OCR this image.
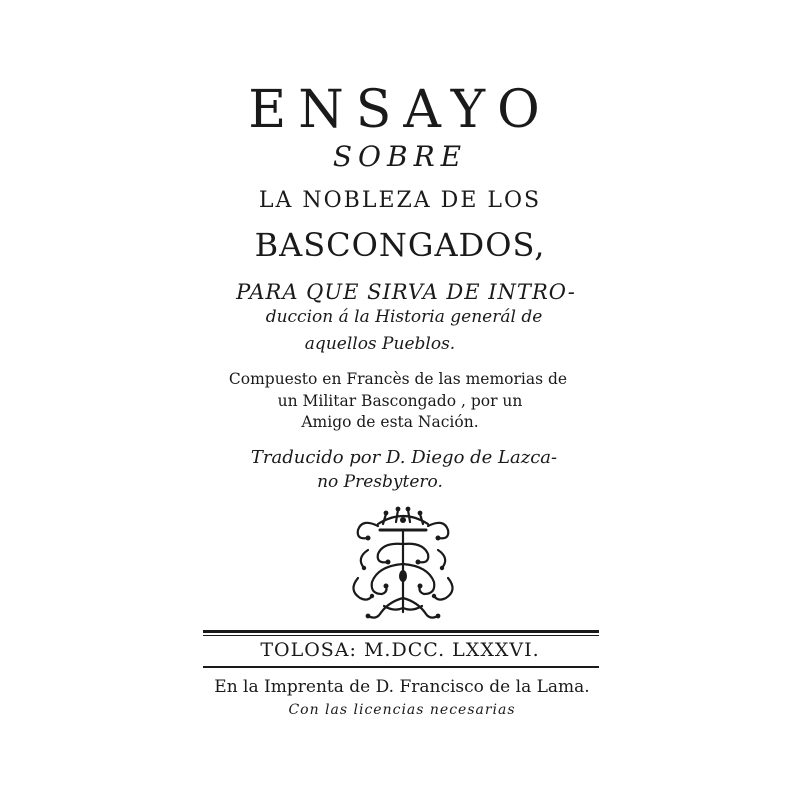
ENSAYO
SOBRE
LA NOBLEZA DE LOS
BASCONGADOS,
PARA QUE SIRVA DE INTRO-
duccion á la Historia generál de
aquellos Pueblos.
Compuesto en Francès de las memorias de
un Militar Bascongado , por un
Amigo de esta Nación.
Traducido por D. Diego de Lazca-
no Presbytero.
TOLOSA: M.DCC. LXXXVI.
En la Imprenta de D. Francisco de la Lama.
Con las licencias necesarias
